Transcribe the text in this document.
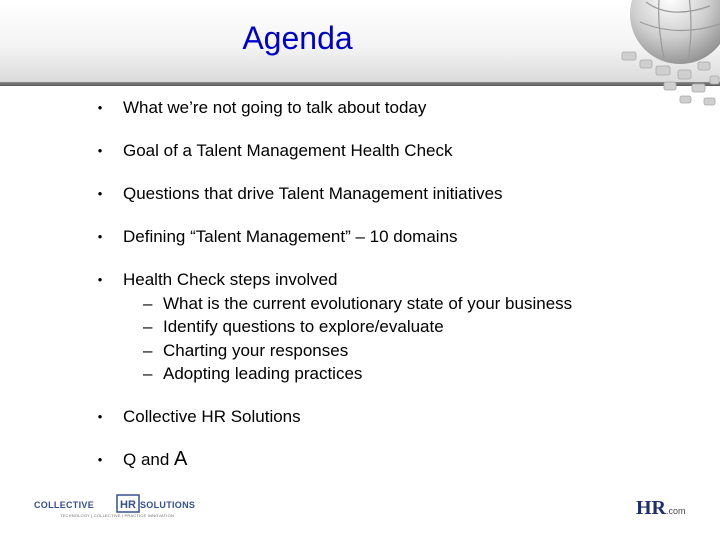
Agenda
• What we’re not going to talk about today
• Goal of a Talent Management Health Check
• Questions that drive Talent Management initiatives
• Defining “Talent Management” – 10 domains
• Health Check steps involved
– What is the current evolutionary state of your business
– Identify questions to explore/evaluate
– Charting your responses
– Adopting leading practices
• Collective HR Solutions
• Q and A
COLLECTIVE HR SOLUTIONS
TECHNOLOGY | COLLECTIVE | PRACTICE INNOVATION	HR.com
